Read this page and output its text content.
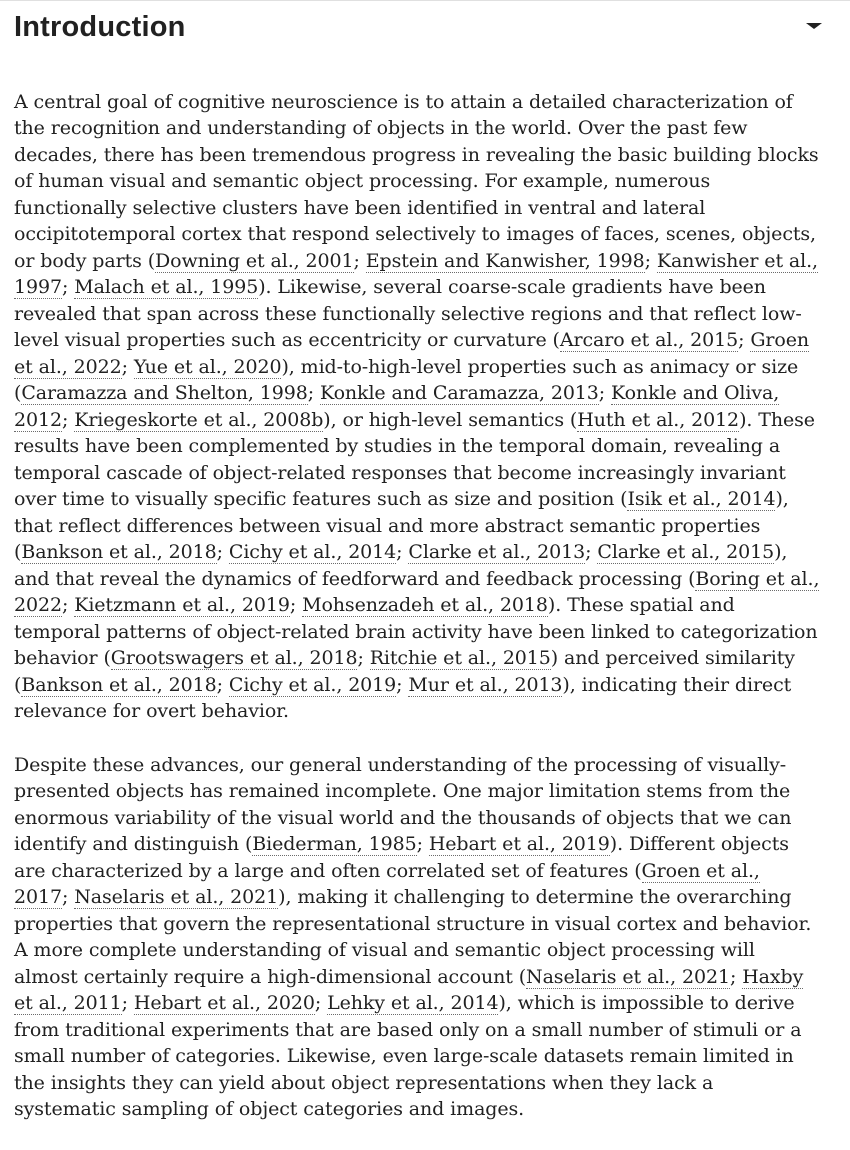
Introduction

A central goal of cognitive neuroscience is to attain a detailed characterization of the recognition and understanding of objects in the world. Over the past few decades, there has been tremendous progress in revealing the basic building blocks of human visual and semantic object processing. For example, numerous functionally selective clusters have been identified in ventral and lateral occipitotemporal cortex that respond selectively to images of faces, scenes, objects, or body parts (Downing et al., 2001; Epstein and Kanwisher, 1998; Kanwisher et al., 1997; Malach et al., 1995). Likewise, several coarse-scale gradients have been revealed that span across these functionally selective regions and that reflect low-level visual properties such as eccentricity or curvature (Arcaro et al., 2015; Groen et al., 2022; Yue et al., 2020), mid-to-high-level properties such as animacy or size (Caramazza and Shelton, 1998; Konkle and Caramazza, 2013; Konkle and Oliva, 2012; Kriegeskorte et al., 2008b), or high-level semantics (Huth et al., 2012). These results have been complemented by studies in the temporal domain, revealing a temporal cascade of object-related responses that become increasingly invariant over time to visually specific features such as size and position (Isik et al., 2014), that reflect differences between visual and more abstract semantic properties (Bankson et al., 2018; Cichy et al., 2014; Clarke et al., 2013; Clarke et al., 2015), and that reveal the dynamics of feedforward and feedback processing (Boring et al., 2022; Kietzmann et al., 2019; Mohsenzadeh et al., 2018). These spatial and temporal patterns of object-related brain activity have been linked to categorization behavior (Grootswagers et al., 2018; Ritchie et al., 2015) and perceived similarity (Bankson et al., 2018; Cichy et al., 2019; Mur et al., 2013), indicating their direct relevance for overt behavior.

Despite these advances, our general understanding of the processing of visually-presented objects has remained incomplete. One major limitation stems from the enormous variability of the visual world and the thousands of objects that we can identify and distinguish (Biederman, 1985; Hebart et al., 2019). Different objects are characterized by a large and often correlated set of features (Groen et al., 2017; Naselaris et al., 2021), making it challenging to determine the overarching properties that govern the representational structure in visual cortex and behavior. A more complete understanding of visual and semantic object processing will almost certainly require a high-dimensional account (Naselaris et al., 2021; Haxby et al., 2011; Hebart et al., 2020; Lehky et al., 2014), which is impossible to derive from traditional experiments that are based only on a small number of stimuli or a small number of categories. Likewise, even large-scale datasets remain limited in the insights they can yield about object representations when they lack a systematic sampling of object categories and images.
